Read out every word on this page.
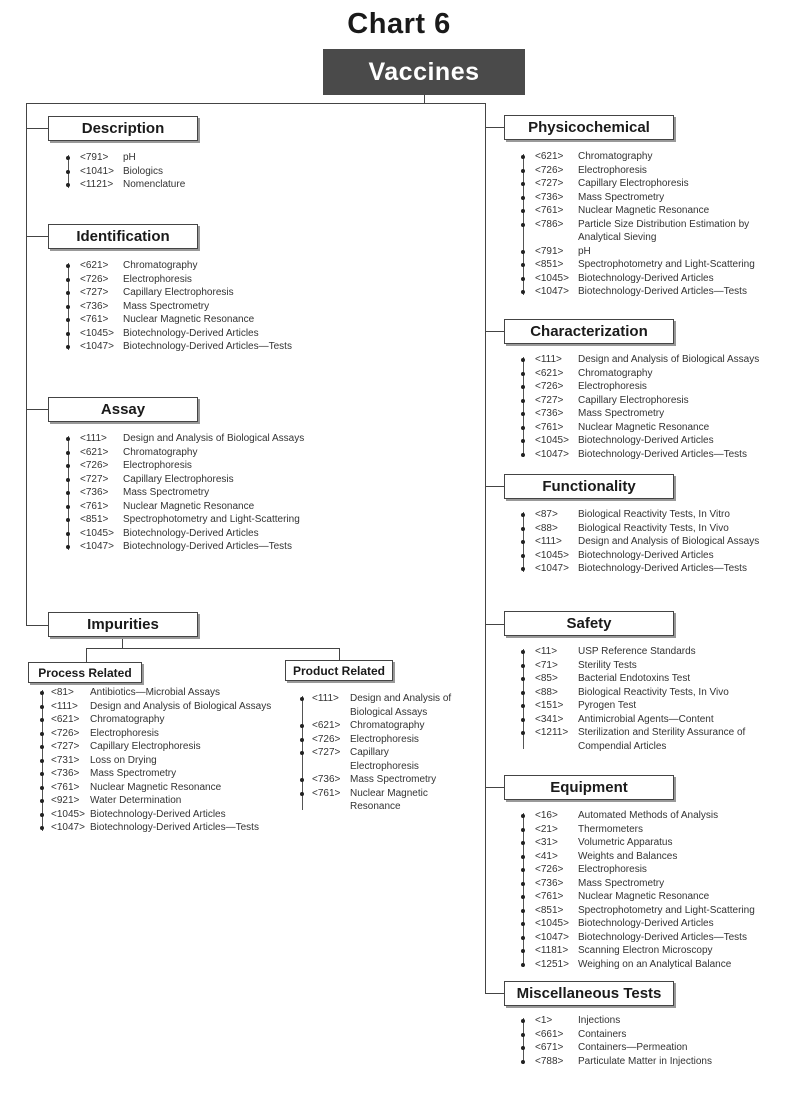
Chart 6
Vaccines
Description
<791> pH
<1041> Biologics
<1121> Nomenclature
Identification
<621> Chromatography
<726> Electrophoresis
<727> Capillary Electrophoresis
<736> Mass Spectrometry
<761> Nuclear Magnetic Resonance
<1045> Biotechnology-Derived Articles
<1047> Biotechnology-Derived Articles—Tests
Assay
<111> Design and Analysis of Biological Assays
<621> Chromatography
<726> Electrophoresis
<727> Capillary Electrophoresis
<736> Mass Spectrometry
<761> Nuclear Magnetic Resonance
<851> Spectrophotometry and Light-Scattering
<1045> Biotechnology-Derived Articles
<1047> Biotechnology-Derived Articles—Tests
Impurities
Process Related
<81> Antibiotics—Microbial Assays
<111> Design and Analysis of Biological Assays
<621> Chromatography
<726> Electrophoresis
<727> Capillary Electrophoresis
<731> Loss on Drying
<736> Mass Spectrometry
<761> Nuclear Magnetic Resonance
<921> Water Determination
<1045> Biotechnology-Derived Articles
<1047> Biotechnology-Derived Articles—Tests
Product Related
<111> Design and Analysis of Biological Assays
<621> Chromatography
<726> Electrophoresis
<727> Capillary Electrophoresis
<736> Mass Spectrometry
<761> Nuclear Magnetic Resonance
Physicochemical
<621> Chromatography
<726> Electrophoresis
<727> Capillary Electrophoresis
<736> Mass Spectrometry
<761> Nuclear Magnetic Resonance
<786> Particle Size Distribution Estimation by Analytical Sieving
<791> pH
<851> Spectrophotometry and Light-Scattering
<1045> Biotechnology-Derived Articles
<1047> Biotechnology-Derived Articles—Tests
Characterization
<111> Design and Analysis of Biological Assays
<621> Chromatography
<726> Electrophoresis
<727> Capillary Electrophoresis
<736> Mass Spectrometry
<761> Nuclear Magnetic Resonance
<1045> Biotechnology-Derived Articles
<1047> Biotechnology-Derived Articles—Tests
Functionality
<87> Biological Reactivity Tests, In Vitro
<88> Biological Reactivity Tests, In Vivo
<111> Design and Analysis of Biological Assays
<1045> Biotechnology-Derived Articles
<1047> Biotechnology-Derived Articles—Tests
Safety
<11> USP Reference Standards
<71> Sterility Tests
<85> Bacterial Endotoxins Test
<88> Biological Reactivity Tests, In Vivo
<151> Pyrogen Test
<341> Antimicrobial Agents—Content
<1211> Sterilization and Sterility Assurance of Compendial Articles
Equipment
<16> Automated Methods of Analysis
<21> Thermometers
<31> Volumetric Apparatus
<41> Weights and Balances
<726> Electrophoresis
<736> Mass Spectrometry
<761> Nuclear Magnetic Resonance
<851> Spectrophotometry and Light-Scattering
<1045> Biotechnology-Derived Articles
<1047> Biotechnology-Derived Articles—Tests
<1181> Scanning Electron Microscopy
<1251> Weighing on an Analytical Balance
Miscellaneous Tests
<1>	Injections
<661> Containers
<671> Containers—Permeation
<788> Particulate Matter in Injections
